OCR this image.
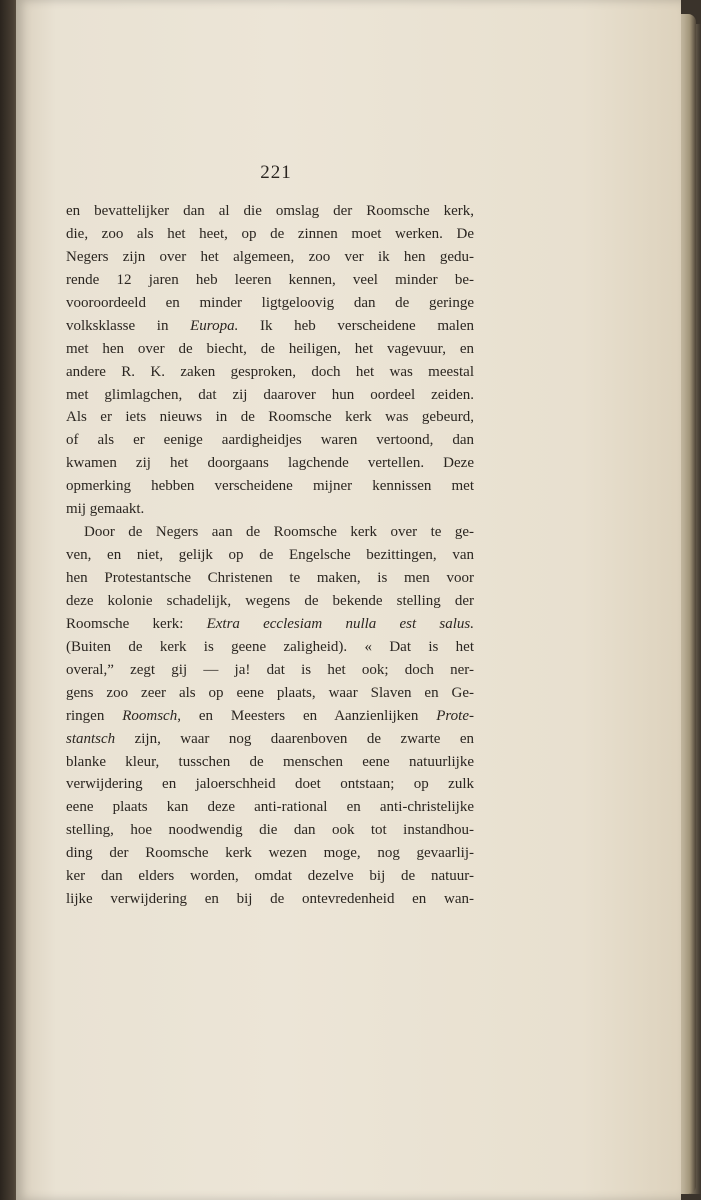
221
en bevattelijker dan al die omslag der Roomsche kerk,
die, zoo als het heet, op de zinnen moet werken. De
Negers zijn over het algemeen, zoo ver ik hen gedu-
rende 12 jaren heb leeren kennen, veel minder be-
vooroordeeld en minder ligtgeloovig dan de geringe
volksklasse in Europa. Ik heb verscheidene malen
met hen over de biecht, de heiligen, het vagevuur, en
andere R. K. zaken gesproken, doch het was meestal
met glimlagchen, dat zij daarover hun oordeel zeiden.
Als er iets nieuws in de Roomsche kerk was gebeurd,
of als er eenige aardigheidjes waren vertoond, dan
kwamen zij het doorgaans lagchende vertellen. Deze
opmerking hebben verscheidene mijner kennissen met
mij gemaakt.
Door de Negers aan de Roomsche kerk over te ge-
ven, en niet, gelijk op de Engelsche bezittingen, van
hen Protestantsche Christenen te maken, is men voor
deze kolonie schadelijk, wegens de bekende stelling der
Roomsche kerk: Extra ecclesiam nulla est salus.
(Buiten de kerk is geene zaligheid). « Dat is het
overal,” zegt gij — ja! dat is het ook; doch ner-
gens zoo zeer als op eene plaats, waar Slaven en Ge-
ringen Roomsch, en Meesters en Aanzienlijken Prote-
stantsch zijn, waar nog daarenboven de zwarte en
blanke kleur, tusschen de menschen eene natuurlijke
verwijdering en jaloerschheid doet ontstaan; op zulk
eene plaats kan deze anti-rational en anti-christelijke
stelling, hoe noodwendig die dan ook tot instandhou-
ding der Roomsche kerk wezen moge, nog gevaarlij-
ker dan elders worden, omdat dezelve bij de natuur-
lijke verwijdering en bij de ontevredenheid en wan-
